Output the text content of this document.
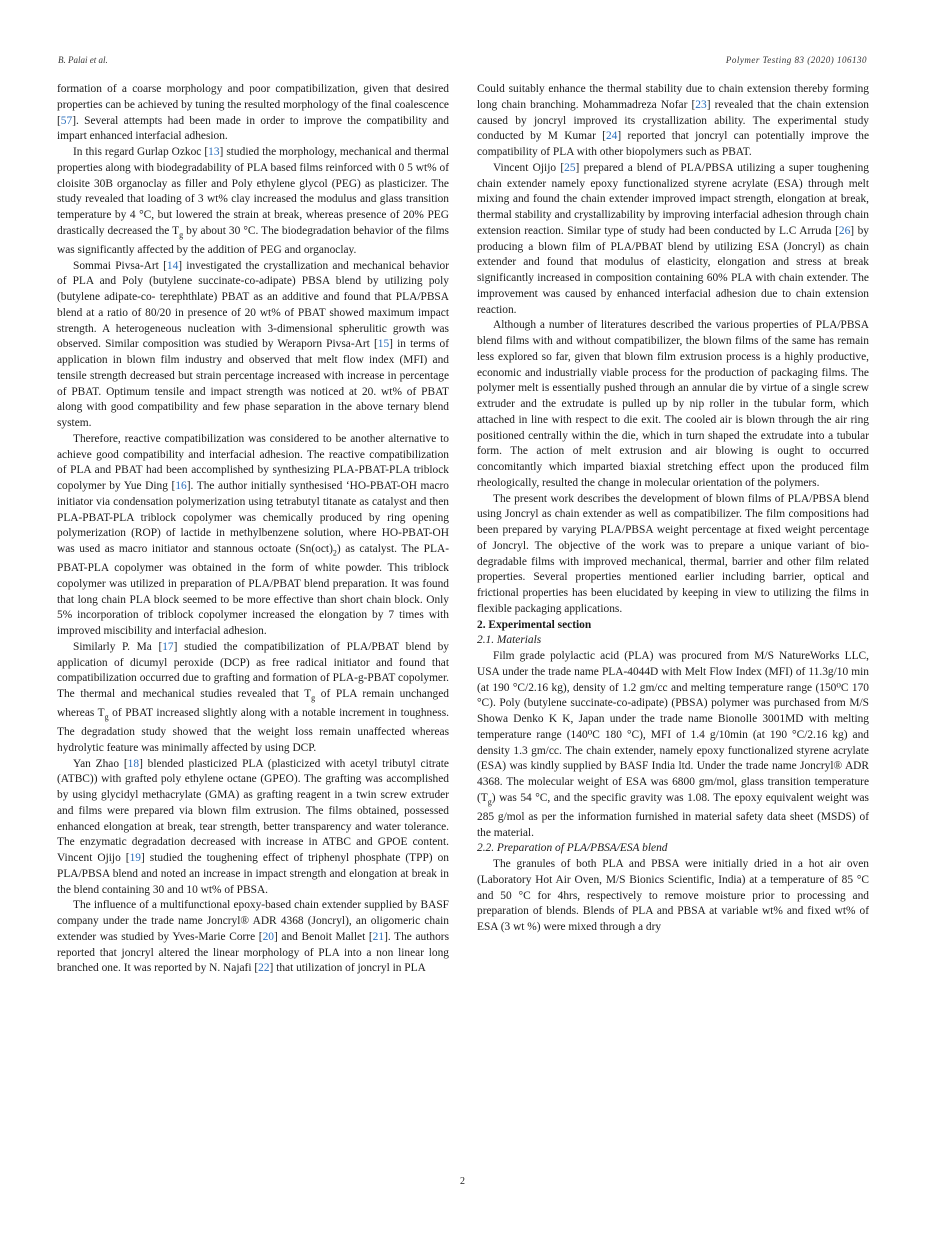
B. Palai et al.	Polymer Testing 83 (2020) 106130

formation of a coarse morphology and poor compatibilization, given that desired properties can be achieved by tuning the resulted morphology of the final coalescence [57]. Several attempts had been made in order to improve the compatibility and impart enhanced interfacial adhesion.

In this regard Gurlap Ozkoc [13] studied the morphology, mechanical and thermal properties along with biodegradability of PLA based films reinforced with 0 5 wt% of cloisite 30B organoclay as filler and Poly ethylene glycol (PEG) as plasticizer. The study revealed that loading of 3 wt% clay increased the modulus and glass transition temperature by 4 °C, but lowered the strain at break, whereas presence of 20% PEG drastically decreased the $T_g$ by about 30 °C. The biodegradation behavior of the films was significantly affected by the addition of PEG and organoclay.

Sommai Pivsa-Art [14] investigated the crystallization and mechanical behavior of PLA and Poly (butylene succinate-co-adipate) PBSA blend by utilizing poly (butylene adipate-co- terephthlate) PBAT as an additive and found that PLA/PBSA blend at a ratio of 80/20 in presence of 20 wt% of PBAT showed maximum impact strength. A heterogeneous nucleation with 3-dimensional spherulitic growth was observed. Similar composition was studied by Weraporn Pivsa-Art [15] in terms of application in blown film industry and observed that melt flow index (MFI) and tensile strength decreased but strain percentage increased with increase in percentage of PBAT. Optimum tensile and impact strength was noticed at 20. wt% of PBAT along with good compatibility and few phase separation in the above ternary blend system.

Therefore, reactive compatibilization was considered to be another alternative to achieve good compatibility and interfacial adhesion. The reactive compatibilization of PLA and PBAT had been accomplished by synthesizing PLA-PBAT-PLA triblock copolymer by Yue Ding [16]. The author initially synthesised ‘HO-PBAT-OH macro initiator via condensation polymerization using tetrabutyl titanate as catalyst and then PLA-PBAT-PLA triblock copolymer was chemically produced by ring opening polymerization (ROP) of lactide in methylbenzene solution, where HO-PBAT-OH was used as macro initiator and stannous octoate $(Sn(oct)_2)$ as catalyst. The PLA-PBAT-PLA copolymer was obtained in the form of white powder. This triblock copolymer was utilized in preparation of PLA/PBAT blend preparation. It was found that long chain PLA block seemed to be more effective than short chain block. Only 5% incorporation of triblock copolymer increased the elongation by 7 times with improved miscibility and interfacial adhesion.

Similarly P. Ma [17] studied the compatibilization of PLA/PBAT blend by application of dicumyl peroxide (DCP) as free radical initiator and found that compatibilization occurred due to grafting and formation of PLA-g-PBAT copolymer. The thermal and mechanical studies revealed that $T_g$ of PLA remain unchanged whereas $T_g$ of PBAT increased slightly along with a notable increment in toughness. The degradation study showed that the weight loss remain unaffected whereas hydrolytic feature was minimally affected by using DCP.

Yan Zhao [18] blended plasticized PLA (plasticized with acetyl tributyl citrate (ATBC)) with grafted poly ethylene octane (GPEO). The grafting was accomplished by using glycidyl methacrylate (GMA) as grafting reagent in a twin screw extruder and films were prepared via blown film extrusion. The films obtained, possessed enhanced elongation at break, tear strength, better transparency and water tolerance. The enzymatic degradation decreased with increase in ATBC and GPOE content. Vincent Ojijo [19] studied the toughening effect of triphenyl phosphate (TPP) on PLA/PBSA blend and noted an increase in impact strength and elongation at break in the blend containing 30 and 10 wt% of PBSA.

The influence of a multifunctional epoxy-based chain extender supplied by BASF company under the trade name Joncryl® ADR 4368 (Joncryl), an oligomeric chain extender was studied by Yves-Marie Corre [20] and Benoit Mallet [21]. The authors reported that joncryl altered the linear morphology of PLA into a non linear long branched one. It was reported by N. Najafi [22] that utilization of joncryl in PLA

Could suitably enhance the thermal stability due to chain extension thereby forming long chain branching. Mohammadreza Nofar [23] revealed that the chain extension caused by joncryl improved its crystallization ability. The experimental study conducted by M Kumar [24] reported that joncryl can potentially improve the compatibility of PLA with other biopolymers such as PBAT.

Vincent Ojijo [25] prepared a blend of PLA/PBSA utilizing a super toughening chain extender namely epoxy functionalized styrene acrylate (ESA) through melt mixing and found the chain extender improved impact strength, elongation at break, thermal stability and crystallizability by improving interfacial adhesion through chain extension reaction. Similar type of study had been conducted by L.C Arruda [26] by producing a blown film of PLA/PBAT blend by utilizing ESA (Joncryl) as chain extender and found that modulus of elasticity, elongation and stress at break significantly increased in composition containing 60% PLA with chain extender. The improvement was caused by enhanced interfacial adhesion due to chain extension reaction.

Although a number of literatures described the various properties of PLA/PBSA blend films with and without compatibilizer, the blown films of the same has remain less explored so far, given that blown film extrusion process is a highly productive, economic and industrially viable process for the production of packaging films. The polymer melt is essentially pushed through an annular die by virtue of a single screw extruder and the extrudate is pulled up by nip roller in the tubular form, which attached in line with respect to die exit. The cooled air is blown through the air ring positioned centrally within the die, which in turn shaped the extrudate into a tubular form. The action of melt extrusion and air blowing is ought to occurred concomitantly which imparted biaxial stretching effect upon the produced film rheologically, resulted the change in molecular orientation of the polymers.

The present work describes the development of blown films of PLA/PBSA blend using Joncryl as chain extender as well as compatibilizer. The film compositions had been prepared by varying PLA/PBSA weight percentage at fixed weight percentage of Joncryl. The objective of the work was to prepare a unique variant of bio-degradable films with improved mechanical, thermal, barrier and other film related properties. Several properties mentioned earlier including barrier, optical and frictional properties has been elucidated by keeping in view to utilizing the films in flexible packaging applications.

2. Experimental section

2.1. Materials

Film grade polylactic acid (PLA) was procured from M/S NatureWorks LLC, USA under the trade name PLA-4044D with Melt Flow Index (MFI) of 11.3g/10 min (at 190 °C/2.16 kg), density of 1.2 gm/cc and melting temperature range (150⁰C 170 °C). Poly (butylene succinate-co-adipate) (PBSA) polymer was purchased from M/S Showa Denko K K, Japan under the trade name Bionolle 3001MD with melting temperature range (140⁰C 180 °C), MFI of 1.4 g/10min (at 190 °C/2.16 kg) and density 1.3 gm/cc. The chain extender, namely epoxy functionalized styrene acrylate (ESA) was kindly supplied by BASF India ltd. Under the trade name Joncryl® ADR 4368. The molecular weight of ESA was 6800 gm/mol, glass transition temperature $(T_g)$ was 54 °C, and the specific gravity was 1.08. The epoxy equivalent weight was 285 g/mol as per the information furnished in material safety data sheet (MSDS) of the material.

2.2. Preparation of PLA/PBSA/ESA blend

The granules of both PLA and PBSA were initially dried in a hot air oven (Laboratory Hot Air Oven, M/S Bionics Scientific, India) at a temperature of 85 °C and 50 °C for 4hrs, respectively to remove moisture prior to processing and preparation of blends. Blends of PLA and PBSA at variable wt% and fixed wt% of ESA (3 wt %) were mixed through a dry

2
